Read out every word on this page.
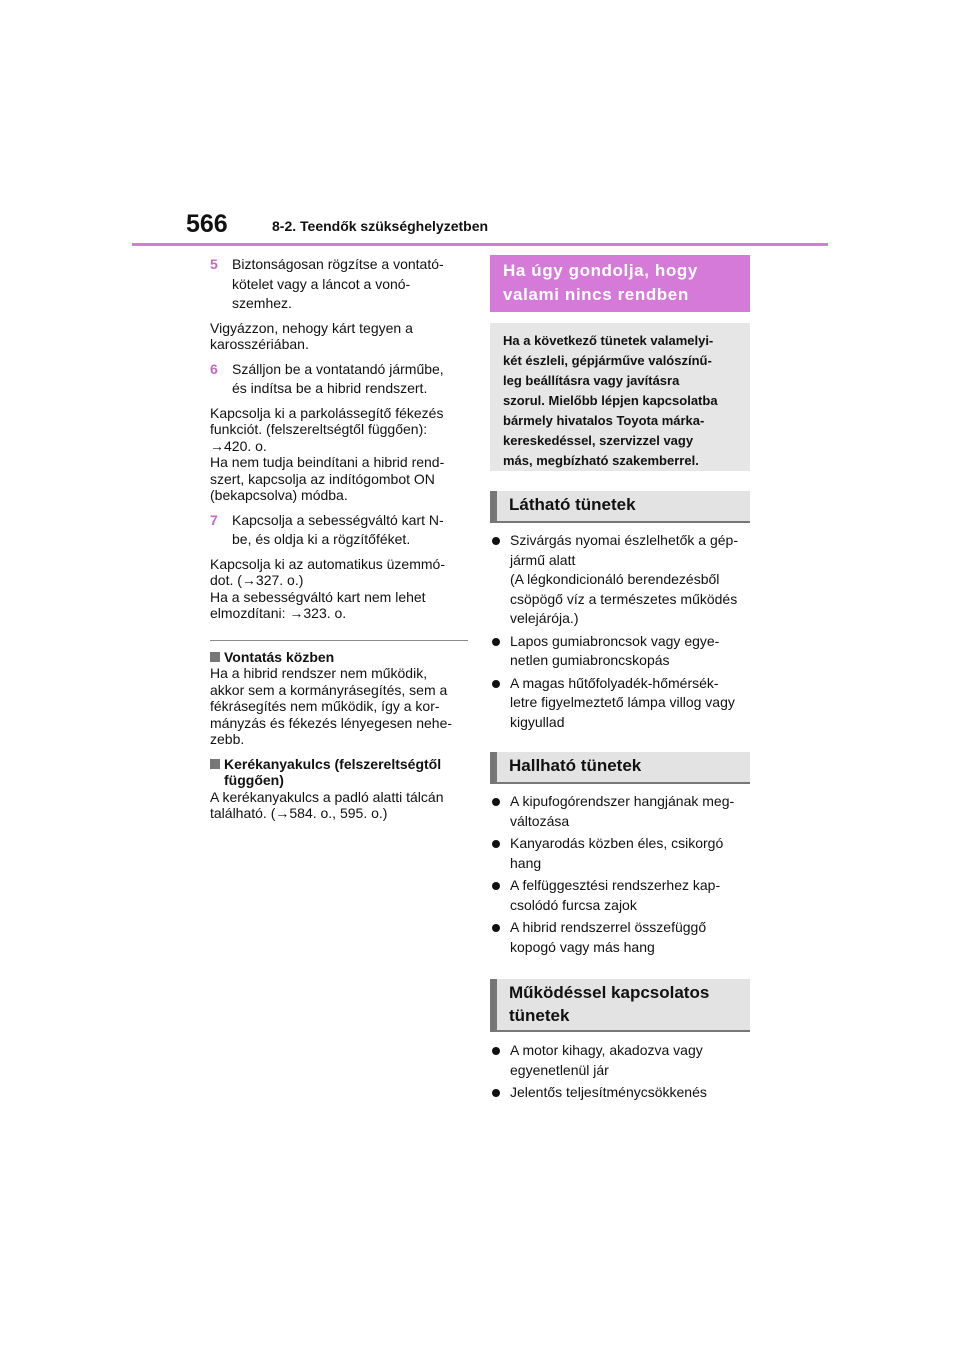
566	8-2. Teendők szükséghelyzetben
5 Biztonságosan rögzítse a vontató-
kötelet vagy a láncot a vonó-
szemhez.
Vigyázzon, nehogy kárt tegyen a
karosszériában.
6 Szálljon be a vontatandó járműbe,
és indítsa be a hibrid rendszert.
Kapcsolja ki a parkolássegítő fékezés
funkciót. (felszereltségtől függően):
→420. o.
Ha nem tudja beindítani a hibrid rend-
szert, kapcsolja az indítógombot ON
(bekapcsolva) módba.
7 Kapcsolja a sebességváltó kart N-
be, és oldja ki a rögzítőféket.
Kapcsolja ki az automatikus üzemmó-
dot. (→327. o.)
Ha a sebességváltó kart nem lehet
elmozdítani: →323. o.
Vontatás közben
Ha a hibrid rendszer nem működik,
akkor sem a kormányrásegítés, sem a
fékrásegítés nem működik, így a kor-
mányzás és fékezés lényegesen nehe-
zebb.
Kerékanyakulcs (felszereltségtől
függően)
A kerékanyakulcs a padló alatti tálcán
található. (→584. o., 595. o.)
Ha úgy gondolja, hogy
valami nincs rendben
Ha a következő tünetek valamelyi-
két észleli, gépjárműve valószínű-
leg beállításra vagy javításra
szorul. Mielőbb lépjen kapcsolatba
bármely hivatalos Toyota márka-
kereskedéssel, szervizzel vagy
más, megbízható szakemberrel.
Látható tünetek
Szivárgás nyomai észlelhetők a gép-
jármű alatt
(A légkondicionáló berendezésből
csöpögő víz a természetes működés
velejárója.)
Lapos gumiabroncsok vagy egye-
netlen gumiabroncskopás
A magas hűtőfolyadék-hőmérsék-
letre figyelmeztető lámpa villog vagy
kigyullad
Hallható tünetek
A kipufogórendszer hangjának meg-
változása
Kanyarodás közben éles, csikorgó
hang
A felfüggesztési rendszerhez kap-
csolódó furcsa zajok
A hibrid rendszerrel összefüggő
kopogó vagy más hang
Működéssel kapcsolatos
tünetek
A motor kihagy, akadozva vagy
egyenetlenül jár
Jelentős teljesítménycsökkenés
